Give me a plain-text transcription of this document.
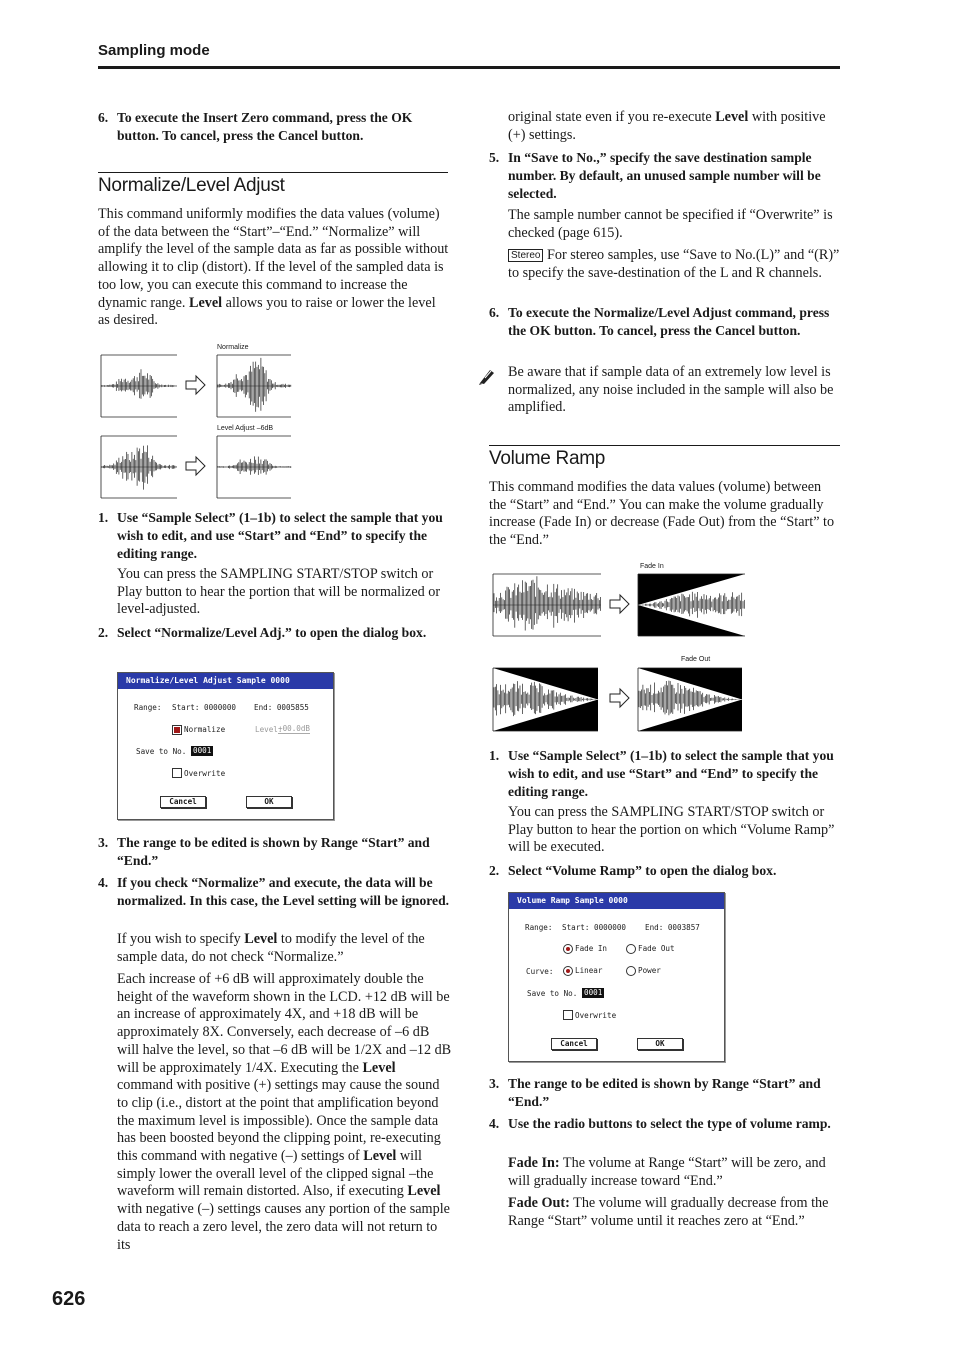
Sampling mode
6. To execute the Insert Zero command, press the OK button. To cancel, press the Cancel button.
Normalize/Level Adjust

This command uniformly modifies the data values (volume) of the data between the “Start”–“End.” “Normalize” will amplify the level of the sample data as far as possible without allowing it to clip (distort). If the level of the sampled data is too low, you can execute this command to increase the dynamic range. Level allows you to raise or lower the level as desired.

Normalize
Level Adjust –6dB
1. Use “Sample Select” (1–1b) to select the sample that you wish to edit, and use “Start” and “End” to specify the editing range.

You can press the SAMPLING START/STOP switch or Play button to hear the portion that will be normalized or level-adjusted.

2. Select “Normalize/Level Adj.” to open the dialog box.
Normalize/Level Adjust Sample 0000
Range: Start: 0000000 End: 0005855
Normalize	Level:
+00.0dB
Save to No. 0001
Overwrite
Cancel	OK
3. The range to be edited is shown by Range “Start” and “End.”
4. If you check “Normalize” and execute, the data will be normalized. In this case, the Level setting will be ignored.

If you wish to specify Level to modify the level of the sample data, do not check “Normalize.”

Each increase of +6 dB will approximately double the height of the waveform shown in the LCD. +12 dB will be an increase of approximately 4X, and +18 dB will be approximately 8X. Conversely, each decrease of –6 dB will halve the level, so that –6 dB will be 1/2X and –12 dB will be approximately 1/4X. Executing the Level command with positive (+) settings may cause the sound to clip (i.e., distort at the point that amplification beyond the maximum level is impossible). Once the sample data has been boosted beyond the clipping point, re-executing this command with negative (–) settings of Level will simply lower the overall level of the clipped signal –the waveform will remain distorted. Also, if executing Level with negative (–) settings causes any portion of the sample data to reach a zero level, the zero data will not return to its

original state even if you re-execute Level with positive (+) settings.

5. In “Save to No.,” specify the save destination sample number. By default, an unused sample number will be selected.

The sample number cannot be specified if “Overwrite” is checked (page 615).

Stereo For stereo samples, use “Save to No.(L)” and “(R)” to specify the save-destination of the L and R channels.

6. To execute the Normalize/Level Adjust command, press the OK button. To cancel, press the Cancel button.

Be aware that if sample data of an extremely low level is normalized, any noise included in the sample will also be amplified.

Volume Ramp

This command modifies the data values (volume) between the “Start” and “End.” You can make the volume gradually increase (Fade In) or decrease (Fade Out) from the “Start” to the “End.”

Fade In
Fade Out
1. Use “Sample Select” (1–1b) to select the sample that you wish to edit, and use “Start” and “End” to specify the editing range.

You can press the SAMPLING START/STOP switch or Play button to hear the portion on which “Volume Ramp” will be executed.

2. Select “Volume Ramp” to open the dialog box.
Volume Ramp Sample 0000
Range: Start: 0000000 End: 0003857
Fade In	Fade Out
Curve:	Linear	Power
Save to No. 0001
Overwrite
Cancel	OK
3. The range to be edited is shown by Range “Start” and “End.”
4. Use the radio buttons to select the type of volume ramp.

Fade In: The volume at Range “Start” will be zero, and will gradually increase toward “End.”

Fade Out: The volume will gradually decrease from the Range “Start” volume until it reaches zero at “End.”

626
